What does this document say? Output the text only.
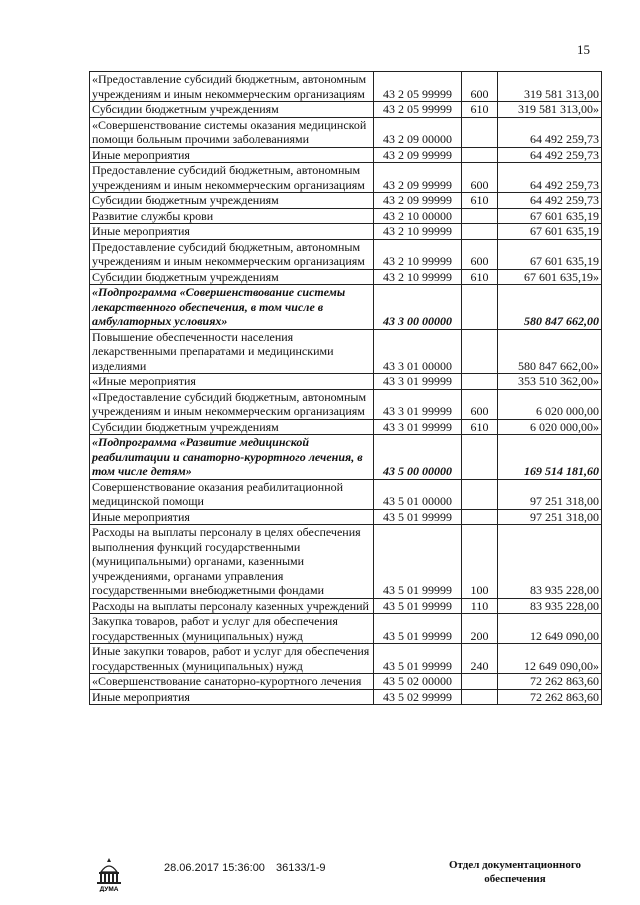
15
«Предоставление субсидий бюджетным, автономным учреждениям и иным некоммерческим организациям	43 2 05 99999	600	319 581 313,00
Субсидии бюджетным учреждениям	43 2 05 99999	610	319 581 313,00»
«Совершенствование системы оказания медицинской помощи больным прочими заболеваниями	43 2 09 00000		64 492 259,73
Иные мероприятия	43 2 09 99999		64 492 259,73
Предоставление субсидий бюджетным, автономным учреждениям и иным некоммерческим организациям	43 2 09 99999	600	64 492 259,73
Субсидии бюджетным учреждениям	43 2 09 99999	610	64 492 259,73
Развитие службы крови	43 2 10 00000		67 601 635,19
Иные мероприятия	43 2 10 99999		67 601 635,19
Предоставление субсидий бюджетным, автономным учреждениям и иным некоммерческим организациям	43 2 10 99999	600	67 601 635,19
Субсидии бюджетным учреждениям	43 2 10 99999	610	67 601 635,19»
«Подпрограмма «Совершенствование системы лекарственного обеспечения, в том числе в амбулаторных условиях»	43 3 00 00000		580 847 662,00
Повышение обеспеченности населения лекарственными препаратами и медицинскими изделиями	43 3 01 00000		580 847 662,00»
«Иные мероприятия	43 3 01 99999		353 510 362,00»
«Предоставление субсидий бюджетным, автономным учреждениям и иным некоммерческим организациям	43 3 01 99999	600	6 020 000,00
Субсидии бюджетным учреждениям	43 3 01 99999	610	6 020 000,00»
«Подпрограмма «Развитие медицинской реабилитации и санаторно-курортного лечения, в том числе детям»	43 5 00 00000		169 514 181,60
Совершенствование оказания реабилитационной медицинской помощи	43 5 01 00000		97 251 318,00
Иные мероприятия	43 5 01 99999		97 251 318,00
Расходы на выплаты персоналу в целях обеспечения выполнения функций государственными (муниципальными) органами, казенными учреждениями, органами управления государственными внебюджетными фондами	43 5 01 99999	100	83 935 228,00
Расходы на выплаты персоналу казенных учреждений	43 5 01 99999	110	83 935 228,00
Закупка товаров, работ и услуг для обеспечения государственных (муниципальных) нужд	43 5 01 99999	200	12 649 090,00
Иные закупки товаров, работ и услуг для обеспечения государственных (муниципальных) нужд	43 5 01 99999	240	12 649 090,00»
«Совершенствование санаторно-курортного лечения	43 5 02 00000		72 262 863,60
Иные мероприятия	43 5 02 99999		72 262 863,60
ДУМА
28.06.2017 15:36:00 36133/1-9	Отдел документационного
обеспечения
